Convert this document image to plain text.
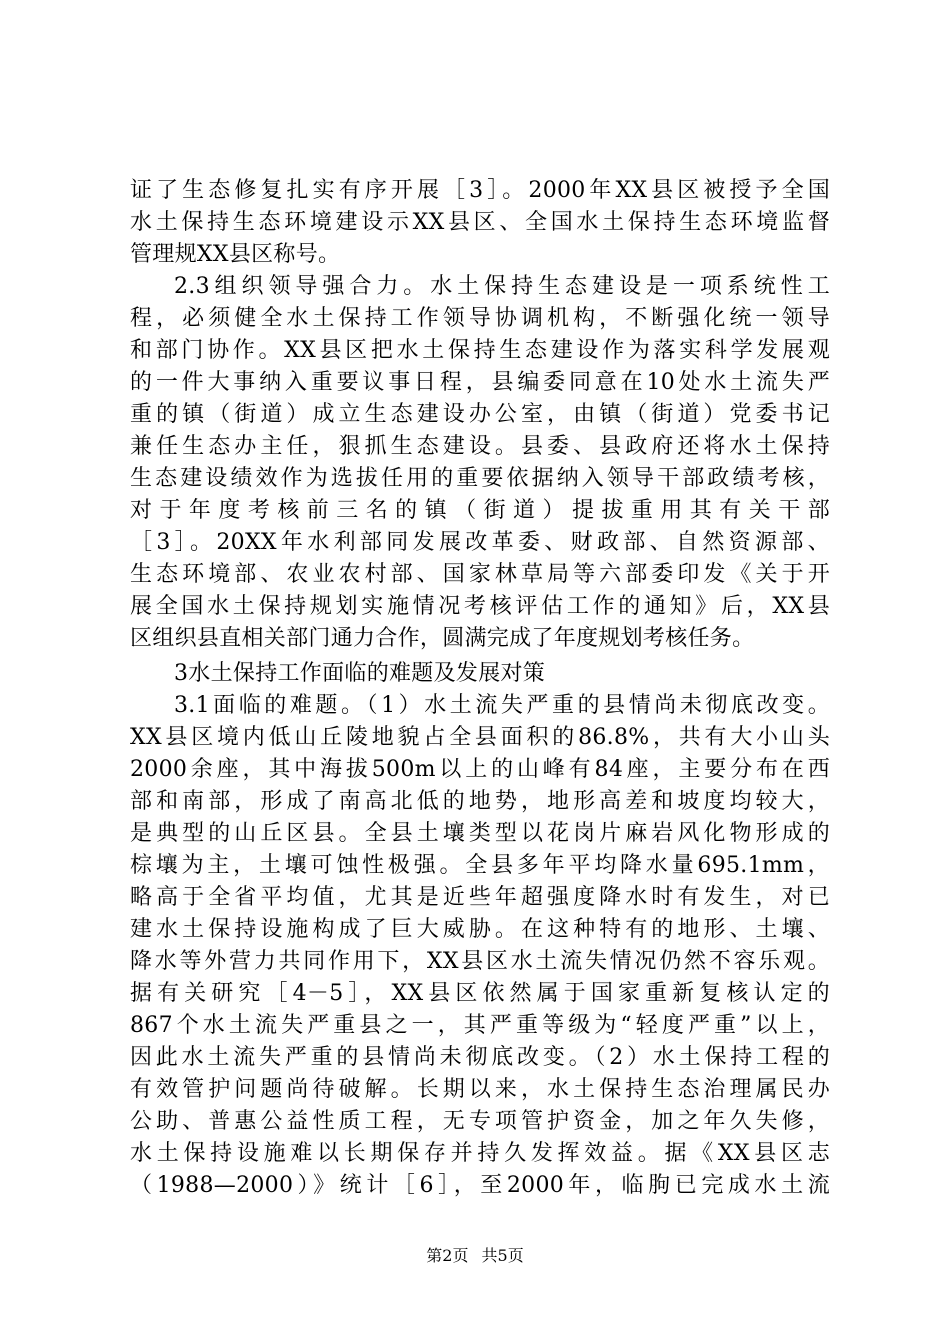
证了生态修复扎实有序开展［3］。2000年XX县区被授予全国
水土保持生态环境建设示XX县区、全国水土保持生态环境监督
管理规XX县区称号。
2.3组织领导强合力。水土保持生态建设是一项系统性工
程，必须健全水土保持工作领导协调机构，不断强化统一领导
和部门协作。XX县区把水土保持生态建设作为落实科学发展观
的一件大事纳入重要议事日程，县编委同意在10处水土流失严
重的镇（街道）成立生态建设办公室，由镇（街道）党委书记
兼任生态办主任，狠抓生态建设。县委、县政府还将水土保持
生态建设绩效作为选拔任用的重要依据纳入领导干部政绩考核，
对于年度考核前三名的镇（街道）提拔重用其有关干部
［3］。20XX年水利部同发展改革委、财政部、自然资源部、
生态环境部、农业农村部、国家林草局等六部委印发《关于开
展全国水土保持规划实施情况考核评估工作的通知》后，XX县
区组织县直相关部门通力合作，圆满完成了年度规划考核任务。
3水土保持工作面临的难题及发展对策
3.1面临的难题。（1）水土流失严重的县情尚未彻底改变。
XX县区境内低山丘陵地貌占全县面积的86.8%，共有大小山头
2000余座，其中海拔500m以上的山峰有84座，主要分布在西
部和南部，形成了南高北低的地势，地形高差和坡度均较大，
是典型的山丘区县。全县土壤类型以花岗片麻岩风化物形成的
棕壤为主，土壤可蚀性极强。全县多年平均降水量695.1mm，
略高于全省平均值，尤其是近些年超强度降水时有发生，对已
建水土保持设施构成了巨大威胁。在这种特有的地形、土壤、
降水等外营力共同作用下，XX县区水土流失情况仍然不容乐观。
据有关研究［4－5］，XX县区依然属于国家重新复核认定的
867个水土流失严重县之一，其严重等级为“轻度严重”以上，
因此水土流失严重的县情尚未彻底改变。（2）水土保持工程的
有效管护问题尚待破解。长期以来，水土保持生态治理属民办
公助、普惠公益性质工程，无专项管护资金，加之年久失修，
水土保持设施难以长期保存并持久发挥效益。据《XX县区志
（1988—2000）》统计［6］，至2000年，临朐已完成水土流
第2页 共5页
